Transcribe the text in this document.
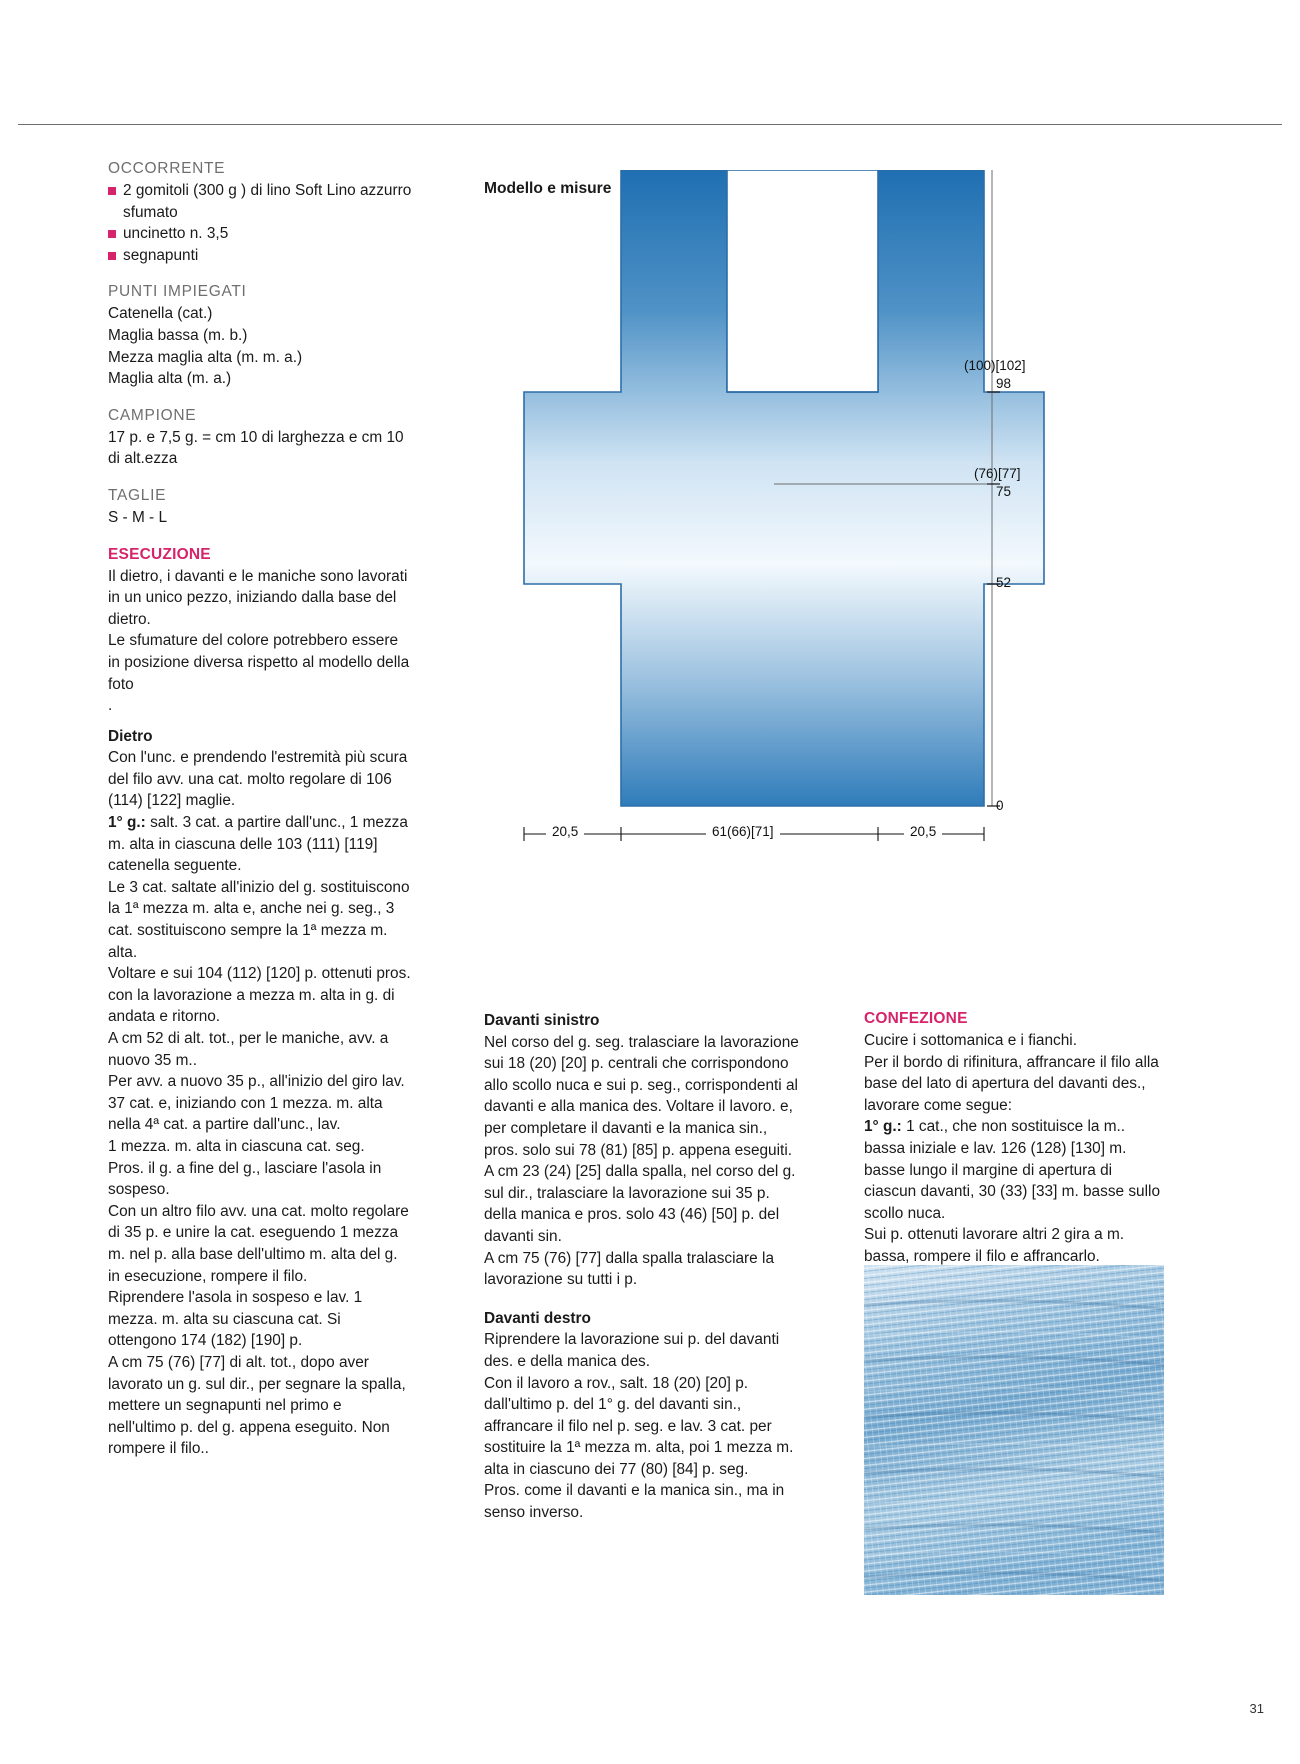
OCCORRENTE
2 gomitoli (300 g ) di lino Soft Lino azzurro sfumato
uncinetto n. 3,5
segnapunti
PUNTI IMPIEGATI

Catenella (cat.)

Maglia bassa (m. b.)

Mezza maglia alta (m. m. a.)

Maglia alta (m. a.)

CAMPIONE

17 p. e 7,5 g. = cm 10 di larghezza e cm 10 di alt.ezza

TAGLIE

S - M - L

ESECUZIONE

Il dietro, i davanti e le maniche sono lavorati in un unico pezzo, iniziando dalla base del dietro.

Le sfumature del colore potrebbero essere in posizione diversa rispetto al modello della foto

.

Dietro

Con l'unc. e prendendo l'estremità più scura del filo avv. una cat. molto regolare di 106 (114) [122] maglie.

1° g.: salt. 3 cat. a partire dall'unc., 1 mezza m. alta in ciascuna delle 103 (111) [119] catenella seguente.

Le 3 cat. saltate all'inizio del g. sostituiscono la 1ª mezza m. alta e, anche nei g. seg., 3 cat. sostituiscono sempre la 1ª mezza m. alta.

Voltare e sui 104 (112) [120] p. ottenuti pros. con la lavorazione a mezza m. alta in g. di andata e ritorno.

A cm 52 di alt. tot., per le maniche, avv. a nuovo 35 m..

Per avv. a nuovo 35 p., all'inizio del giro lav. 37 cat. e, iniziando con 1 mezza. m. alta nella 4ª cat. a partire dall'unc., lav.

1 mezza. m. alta in ciascuna cat. seg.

Pros. il g. a fine del g., lasciare l'asola in sospeso.

Con un altro filo avv. una cat. molto regolare di 35 p. e unire la cat. eseguendo 1 mezza m. nel p. alla base dell'ultimo m. alta del g. in esecuzione, rompere il filo.

Riprendere l'asola in sospeso e lav. 1 mezza. m. alta su ciascuna cat. Si ottengono 174 (182) [190] p.

A cm 75 (76) [77] di alt. tot., dopo aver lavorato un g. sul dir., per segnare la spalla, mettere un segnapunti nel primo e nell'ultimo p. del g. appena eseguito. Non rompere il filo..

Modello e misure
(100)[102]
98
(76)[77]
75
52
0
20,5	61(66)[71]	20,5

Davanti sinistro

Nel corso del g. seg. tralasciare la lavorazione sui 18 (20) [20] p. centrali che corrispondono allo scollo nuca e sui p. seg., corrispondenti al davanti e alla manica des. Voltare il lavoro. e, per completare il davanti e la manica sin., pros. solo sui 78 (81) [85] p. appena eseguiti.

A cm 23 (24) [25] dalla spalla, nel corso del g. sul dir., tralasciare la lavorazione sui 35 p. della manica e pros. solo 43 (46) [50] p. del davanti sin.

A cm 75 (76) [77] dalla spalla tralasciare la lavorazione su tutti i p.

Davanti destro

Riprendere la lavorazione sui p. del davanti des. e della manica des.

Con il lavoro a rov., salt. 18 (20) [20] p. dall'ultimo p. del 1° g. del davanti sin., affrancare il filo nel p. seg. e lav. 3 cat. per sostituire la 1ª mezza m. alta, poi 1 mezza m. alta in ciascuno dei 77 (80) [84] p. seg.

Pros. come il davanti e la manica sin., ma in senso inverso.

CONFEZIONE

Cucire i sottomanica e i fianchi.

Per il bordo di rifinitura, affrancare il filo alla base del lato di apertura del davanti des., lavorare come segue:

1° g.: 1 cat., che non sostituisce la m.. bassa iniziale e lav. 126 (128) [130] m. basse lungo il margine di apertura di ciascun davanti, 30 (33) [33] m. basse sullo scollo nuca.

Sui p. ottenuti lavorare altri 2 gira a m. bassa, rompere il filo e affrancarlo.

31
